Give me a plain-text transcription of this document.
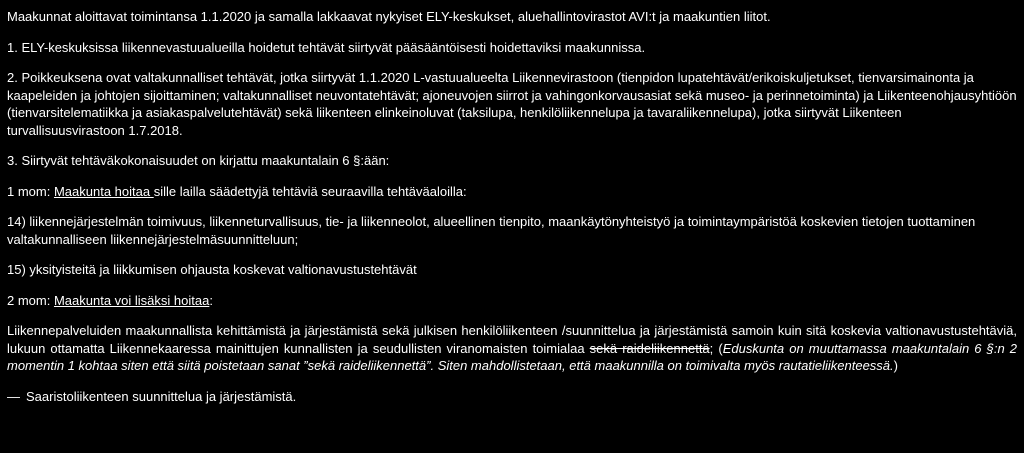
Maakunnat aloittavat toimintansa 1.1.2020 ja samalla lakkaavat nykyiset ELY-keskukset, aluehallintovirastot AVI:t ja maakuntien liitot.

1. ELY-keskuksissa liikennevastuualueilla hoidetut tehtävät siirtyvät pääsääntöisesti hoidettaviksi maakunnissa.

2. Poikkeuksena ovat valtakunnalliset tehtävät, jotka siirtyvät 1.1.2020 L-vastuualueelta Liikennevirastoon (tienpidon lupatehtävät/erikoiskuljetukset, tienvarsimainonta ja kaapeleiden ja johtojen sijoittaminen; valtakunnalliset neuvontatehtävät; ajoneuvojen siirrot ja vahingonkorvausasiat sekä museo- ja perinnetoiminta) ja Liikenteenohjausyhtiöön (tienvarsitelematiikka ja asiakaspalvelutehtävät) sekä liikenteen elinkeinoluvat (taksilupa, henkilöliikennelupa ja tavaraliikennelupa), jotka siirtyvät Liikenteen turvallisuusvirastoon 1.7.2018.

3. Siirtyvät tehtäväkokonaisuudet on kirjattu maakuntalain 6 §:ään:

1 mom: Maakunta hoitaa sille lailla säädettyjä tehtäviä seuraavilla tehtäväaloilla:

14) liikennejärjestelmän toimivuus, liikenneturvallisuus, tie- ja liikenneolot, alueellinen tienpito, maankäytönyhteistyö ja toimintaympäristöä koskevien tietojen tuottaminen valtakunnalliseen liikennejärjestelmäsuunnitteluun;

15) yksityisteitä ja liikkumisen ohjausta koskevat valtionavustustehtävät

2 mom: Maakunta voi lisäksi hoitaa:

Liikennepalveluiden maakunnallista kehittämistä ja järjestämistä sekä julkisen henkilöliikenteen /suunnittelua ja järjestämistä samoin kuin sitä koskevia valtionavustustehtäviä, lukuun ottamatta Liikennekaaressa mainittujen kunnallisten ja seudullisten viranomaisten toimialaa sekä raideliikennettä; (Eduskunta on muuttamassa maakuntalain 6 §:n 2 momentin 1 kohtaa siten että siitä poistetaan sanat ”sekä raideliikennettä”. Siten mahdollistetaan, että maakunnilla on toimivalta myös rautatieliikenteessä.)

— Saaristoliikenteen suunnittelua ja järjestämistä.
